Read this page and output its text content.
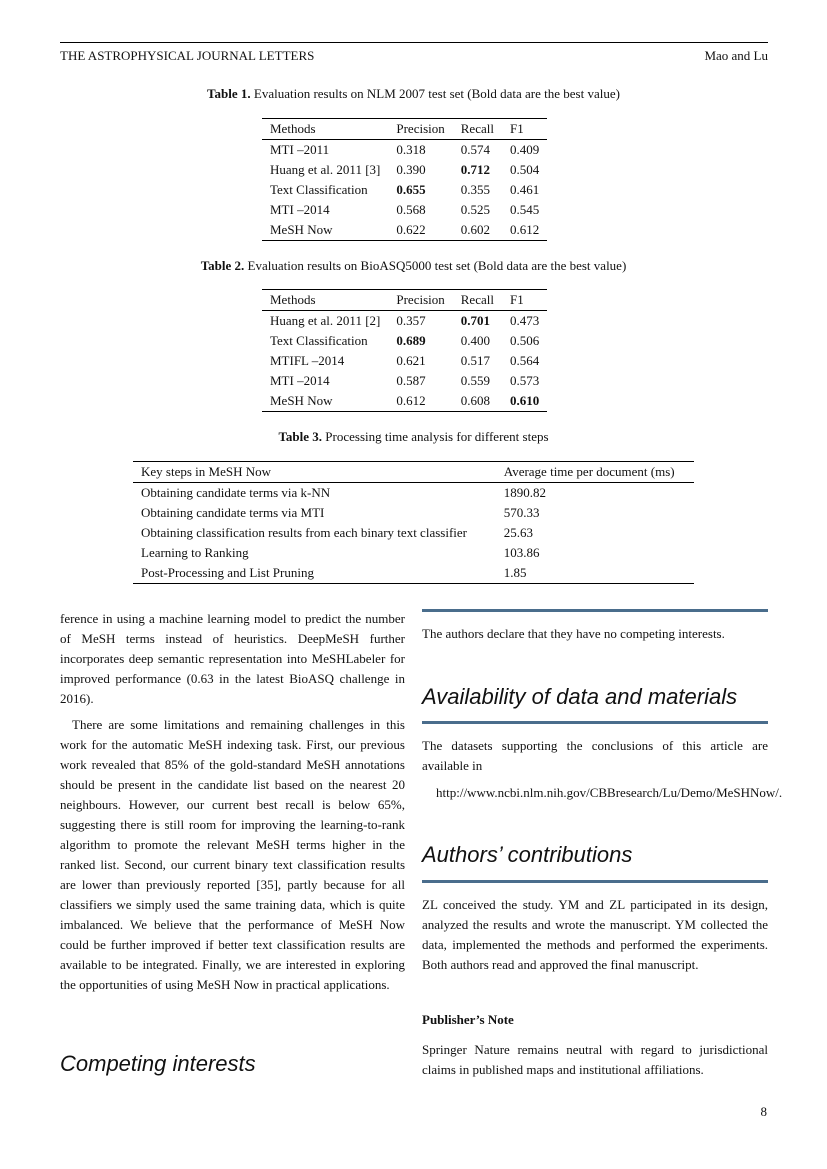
THE ASTROPHYSICAL JOURNAL LETTERS	Mao and Lu
Table 1. Evaluation results on NLM 2007 test set (Bold data are the best value)
Methods	Precision	Recall	F1
MTI –2011	0.318	0.574	0.409
Huang et al. 2011 [3]	0.390	0.712	0.504
Text Classification	0.655	0.355	0.461
MTI –2014	0.568	0.525	0.545
MeSH Now	0.622	0.602	0.612
Table 2. Evaluation results on BioASQ5000 test set (Bold data are the best value)
Methods	Precision	Recall	F1
Huang et al. 2011 [2]	0.357	0.701	0.473
Text Classification	0.689	0.400	0.506
MTIFL –2014	0.621	0.517	0.564
MTI –2014	0.587	0.559	0.573
MeSH Now	0.612	0.608	0.610
Table 3. Processing time analysis for different steps
Key steps in MeSH Now	Average time per document (ms)
Obtaining candidate terms via k-NN	1890.82
Obtaining candidate terms via MTI	570.33
Obtaining classification results from each binary text classifier	25.63
Learning to Ranking	103.86
Post-Processing and List Pruning	1.85

ference in using a machine learning model to predict the number of MeSH terms instead of heuristics. DeepMeSH further incorporates deep semantic representation into MeSHLabeler for improved performance (0.63 in the latest BioASQ challenge in 2016).

There are some limitations and remaining challenges in this work for the automatic MeSH indexing task. First, our previous work revealed that 85% of the gold-standard MeSH annotations should be present in the candidate list based on the nearest 20 neighbours. However, our current best recall is below 65%, suggesting there is still room for improving the learning-to-rank algorithm to promote the relevant MeSH terms higher in the ranked list. Second, our current binary text classification results are lower than previously reported [35], partly because for all classifiers we simply used the same training data, which is quite imbalanced. We believe that the performance of MeSH Now could be further improved if better text classification results are available to be integrated. Finally, we are interested in exploring the opportunities of using MeSH Now in practical applications.

Competing interests

The authors declare that they have no competing interests.

Availability of data and materials

The datasets supporting the conclusions of this article are available in

http://www.ncbi.nlm.nih.gov/CBBresearch/Lu/Demo/MeSHNow/.
Authors’ contributions

ZL conceived the study. YM and ZL participated in its design, analyzed the results and wrote the manuscript. YM collected the data, implemented the methods and performed the experiments. Both authors read and approved the final manuscript.

Publisher’s Note

Springer Nature remains neutral with regard to jurisdictional claims in published maps and institutional affiliations.

8
